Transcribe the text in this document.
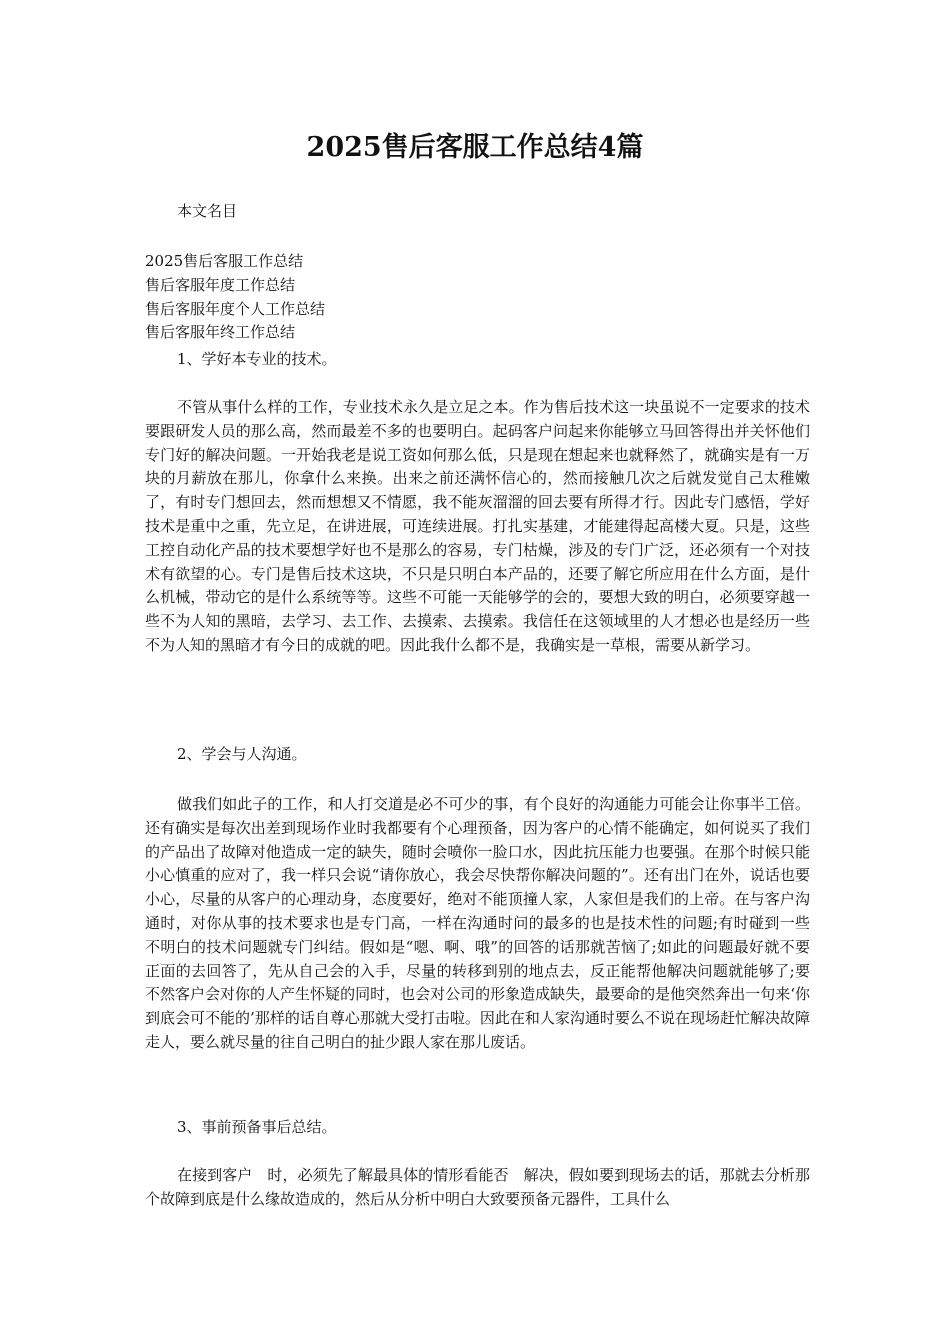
2025售后客服工作总结4篇

本文名目

2025售后客服工作总结
售后客服年度工作总结
售后客服年度个人工作总结
售后客服年终工作总结

1、学好本专业的技术。

不管从事什么样的工作，专业技术永久是立足之本。作为售后技术这一块虽说不一定要求的技术要跟研发人员的那么高，然而最差不多的也要明白。起码客户问起来你能够立马回答得出并关怀他们专门好的解决问题。一开始我老是说工资如何那么低，只是现在想起来也就释然了，就确实是有一万块的月薪放在那儿，你拿什么来换。出来之前还满怀信心的，然而接触几次之后就发觉自己太稚嫩了，有时专门想回去，然而想想又不情愿，我不能灰溜溜的回去要有所得才行。因此专门感悟，学好技术是重中之重，先立足，在讲进展，可连续进展。打扎实基建，才能建得起高楼大夏。只是，这些工控自动化产品的技术要想学好也不是那么的容易，专门枯燥，涉及的专门广泛，还必须有一个对技术有欲望的心。专门是售后技术这块，不只是只明白本产品的，还要了解它所应用在什么方面，是什么机械，带动它的是什么系统等等。这些不可能一天能够学的会的，要想大致的明白，必须要穿越一些不为人知的黑暗，去学习、去工作、去摸索、去摸索。我信任在这领域里的人才想必也是经历一些不为人知的黑暗才有今日的成就的吧。因此我什么都不是，我确实是一草根，需要从新学习。

2、学会与人沟通。

做我们如此子的工作，和人打交道是必不可少的事，有个良好的沟通能力可能会让你事半工倍。还有确实是每次出差到现场作业时我都要有个心理预备，因为客户的心情不能确定，如何说买了我们的产品出了故障对他造成一定的缺失，随时会喷你一脸口水，因此抗压能力也要强。在那个时候只能小心慎重的应对了，我一样只会说“请你放心，我会尽快帮你解决问题的”。还有出门在外，说话也要小心，尽量的从客户的心理动身，态度要好，绝对不能顶撞人家，人家但是我们的上帝。在与客户沟通时，对你从事的技术要求也是专门高，一样在沟通时问的最多的也是技术性的问题;有时碰到一些不明白的技术问题就专门纠结。假如是“嗯、啊、哦”的回答的话那就苦恼了;如此的问题最好就不要正面的去回答了，先从自己会的入手，尽量的转移到别的地点去，反正能帮他解决问题就能够了;要不然客户会对你的人产生怀疑的同时，也会对公司的形象造成缺失，最要命的是他突然奔出一句来‘你到底会可不能的’那样的话自尊心那就大受打击啦。因此在和人家沟通时要么不说在现场赶忙解决故障走人，要么就尽量的往自己明白的扯少跟人家在那儿废话。

3、事前预备事后总结。

在接到客户　时，必须先了解最具体的情形看能否　解决，假如要到现场去的话，那就去分析那个故障到底是什么缘故造成的，然后从分析中明白大致要预备元器件，工具什么
